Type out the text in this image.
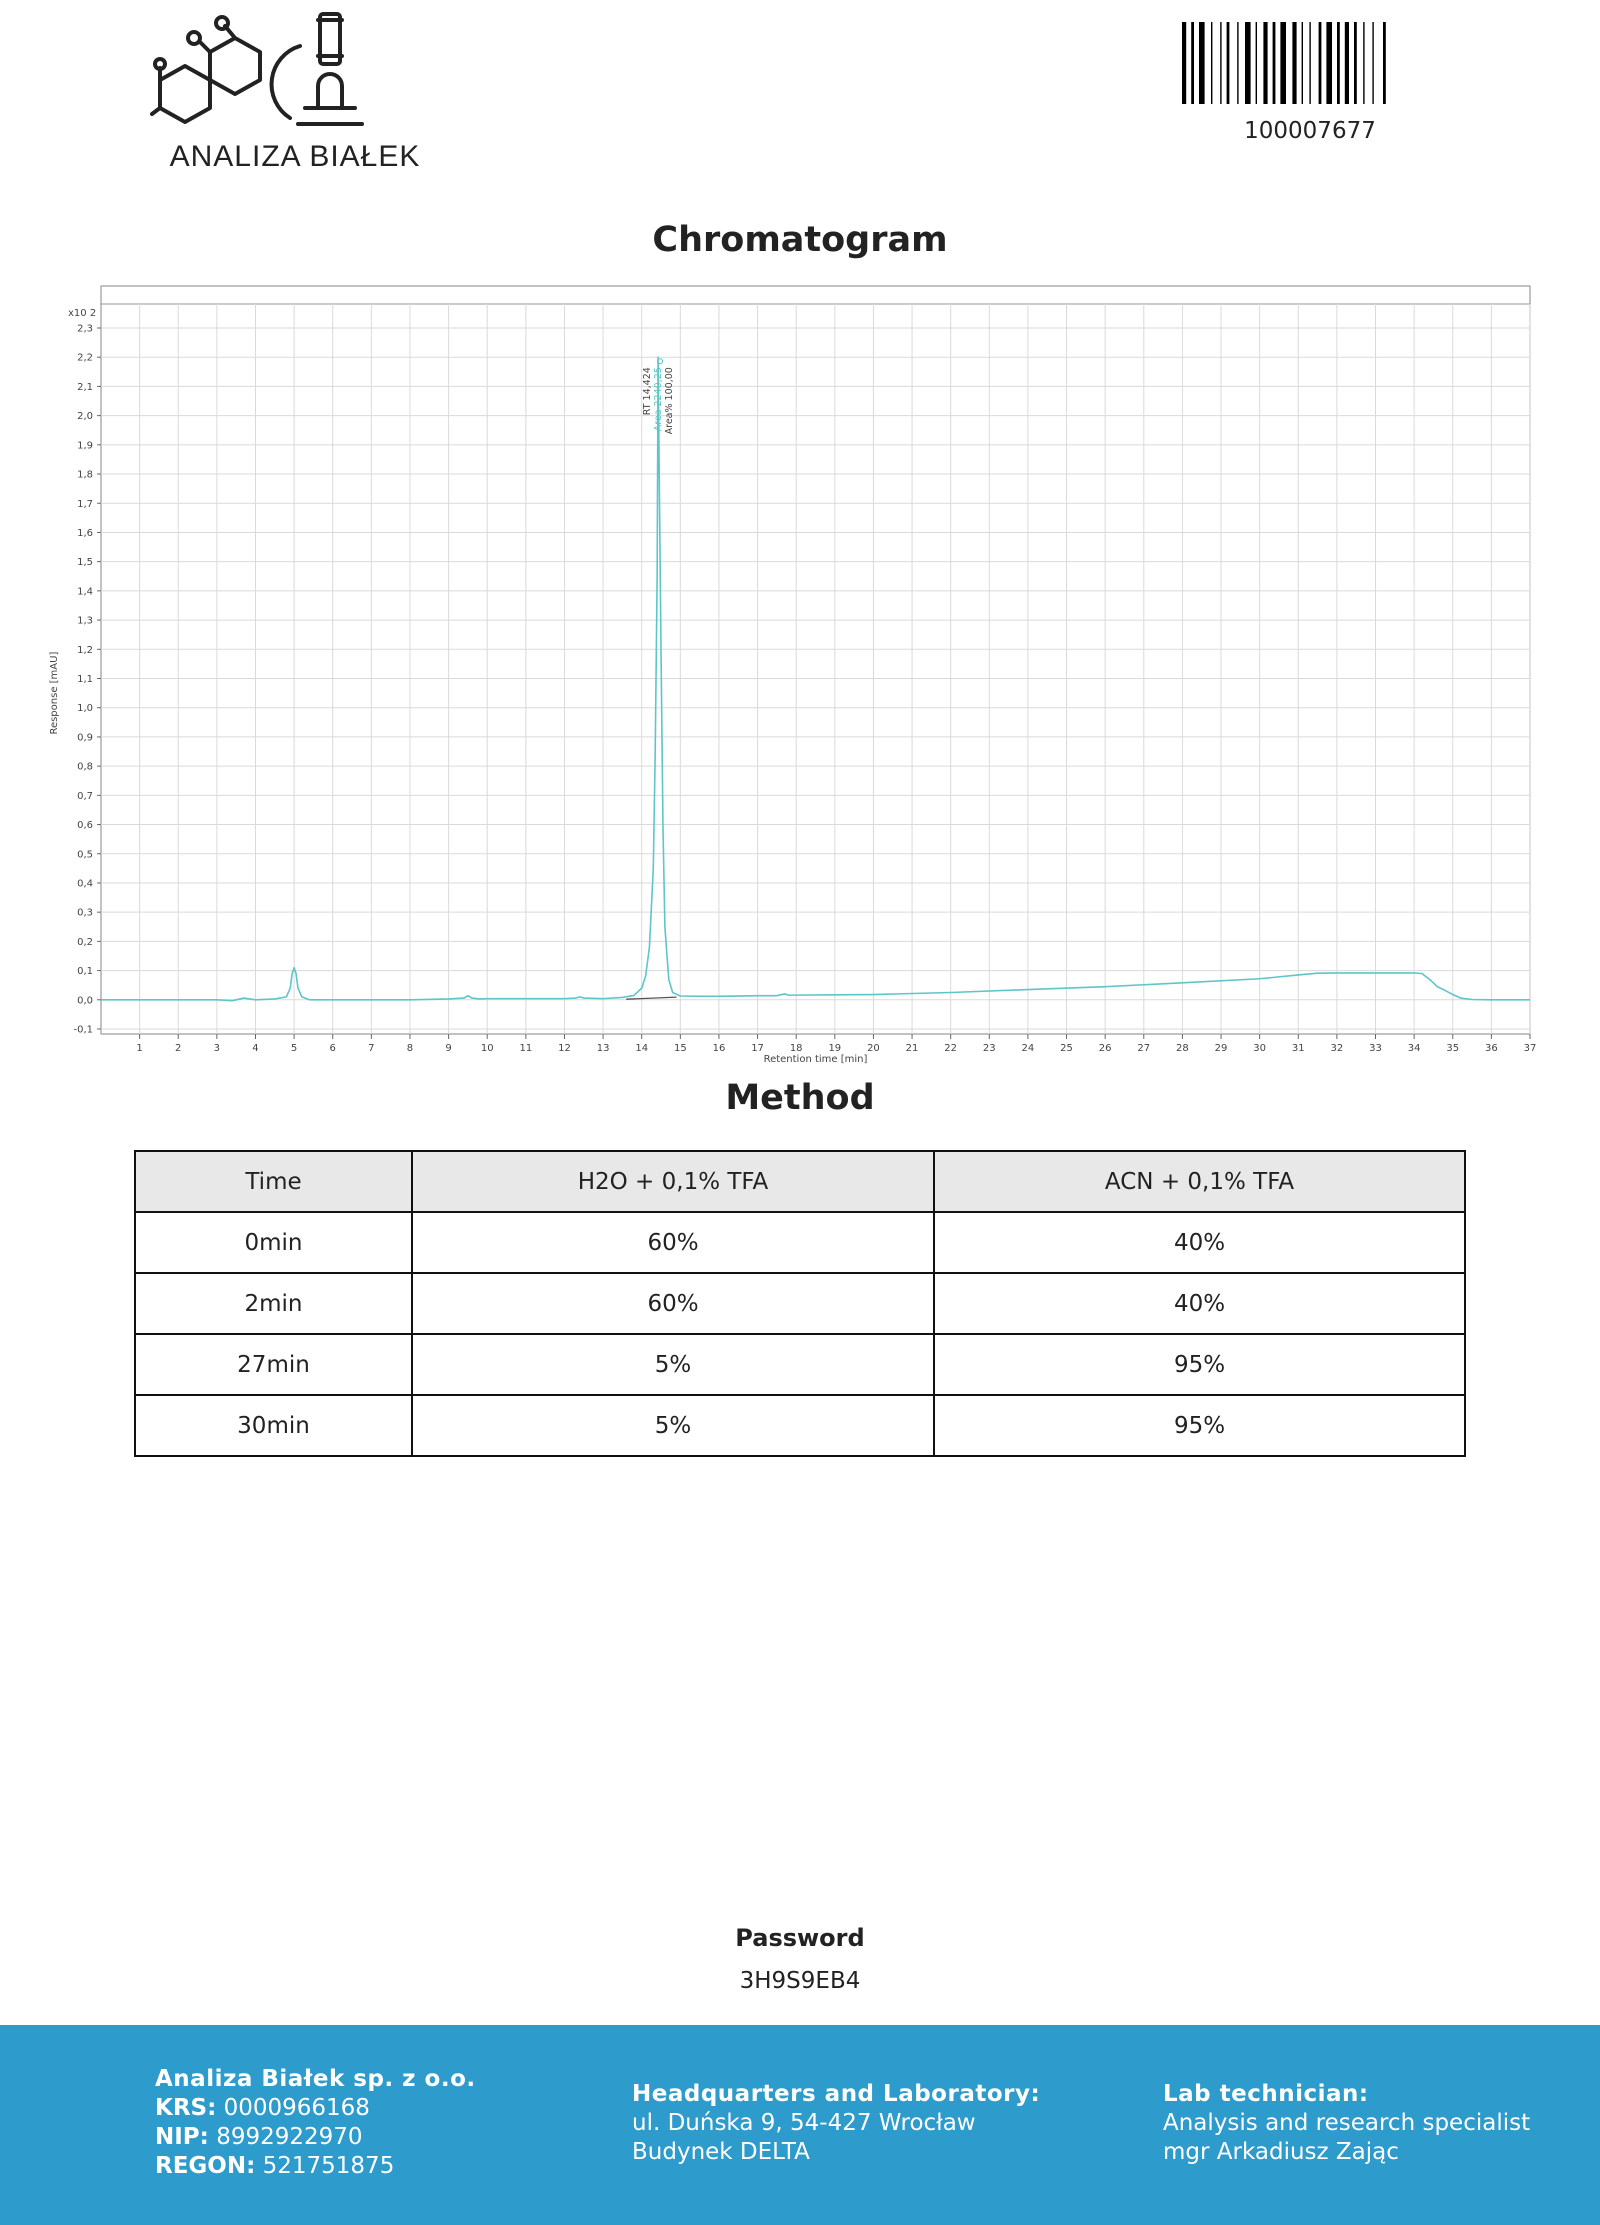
ANALIZA BIAŁEK
100007677
Chromatogram
1	2	3	4	5	6	7	8	9	10	11	12	13	14	15	16	17	18	19	20	21	22	23	24	25	26	27	28	29	30	31	32	33	34	35	36	37
-0,1
0,0
0,1
0,2
0,3
0,4
0,5
0,6
0,7
0,8
0,9
1,0
1,1
1,2
1,3
1,4
1,5
1,6
1,7
1,8
1,9
2,0
2,1
2,2
2,3
x10 2
Retention time [min]
Response [mAU]
RT 14,424 Area 2240,25 Area% 100,00
Method
Time	H2O + 0,1% TFA	ACN + 0,1% TFA
0min	60%	40%
2min	60%	40%
27min	5%	95%
30min	5%	95%
Password
3H9S9EB4
Analiza Białek sp. z o.o.
KRS: 0000966168
NIP: 8992922970
REGON: 521751875
Headquarters and Laboratory:
ul. Duńska 9, 54-427 Wrocław
Budynek DELTA
Lab technician:
Analysis and research specialist
mgr Arkadiusz Zając
